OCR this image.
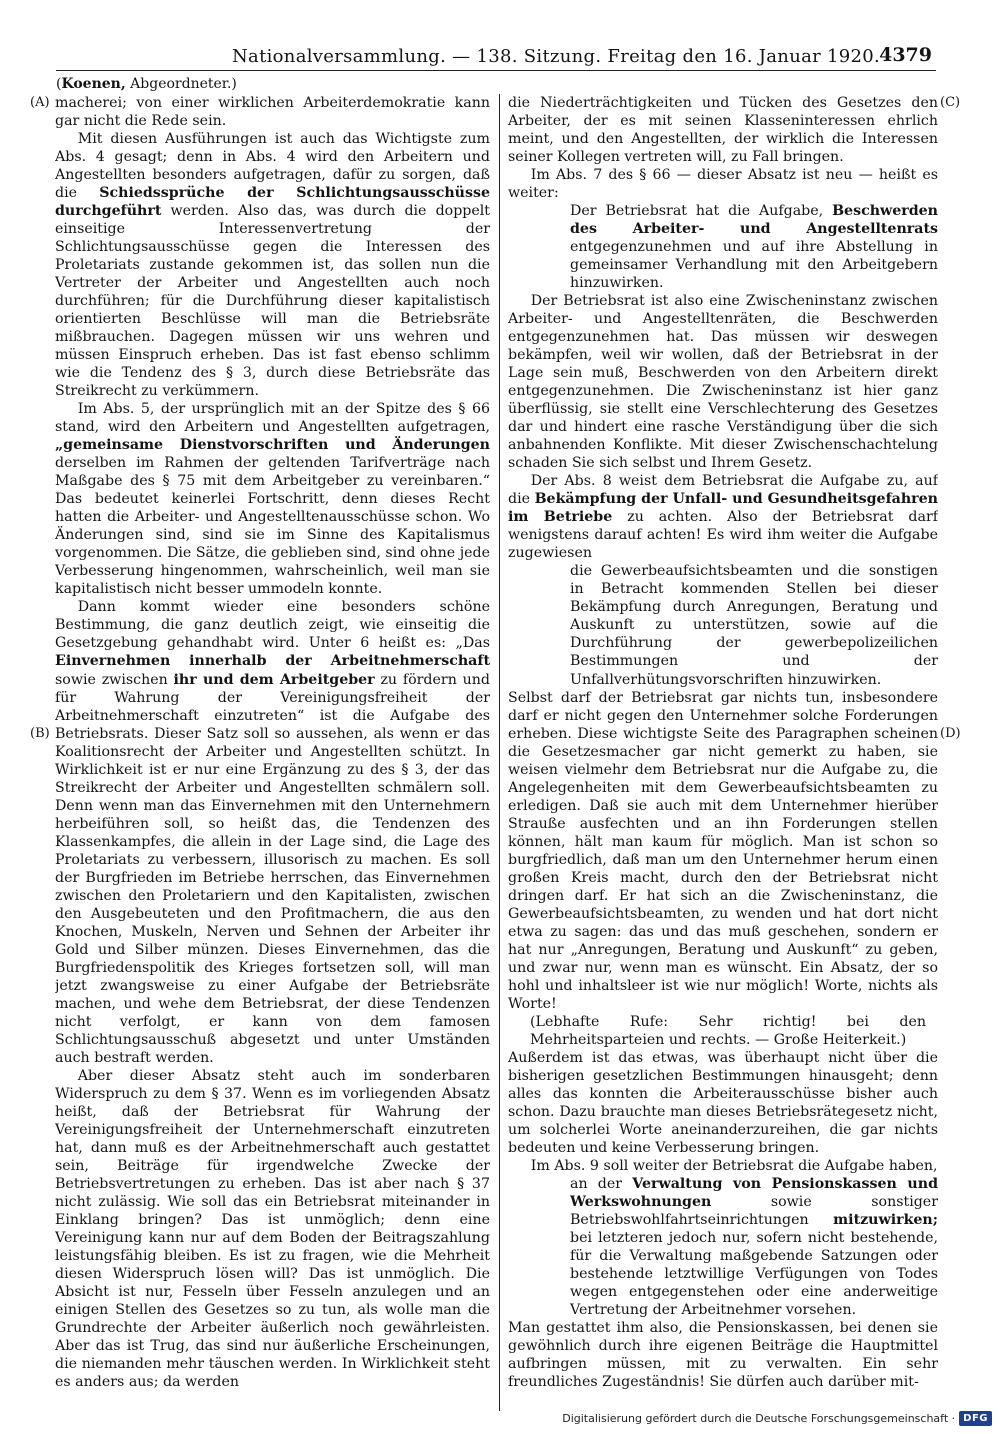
Nationalversammlung. — 138. Sitzung. Freitag den 16. Januar 1920. 4379
(Koenen, Abgeordneter.)
(A)
(B)
(C)
(D)

macherei; von einer wirklichen Arbeiterdemokratie kann gar nicht die Rede sein.

Mit diesen Ausführungen ist auch das Wichtigste zum Abs. 4 gesagt; denn in Abs. 4 wird den Arbeitern und Angestellten besonders aufgetragen, dafür zu sorgen, daß die Schiedssprüche der Schlichtungsausschüsse durchgeführt werden. Also das, was durch die doppelt einseitige Interessenvertretung der Schlichtungsausschüsse gegen die Interessen des Proletariats zustande gekommen ist, das sollen nun die Vertreter der Arbeiter und Angestellten auch noch durchführen; für die Durchführung dieser kapitalistisch orientierten Beschlüsse will man die Betriebsräte mißbrauchen. Dagegen müssen wir uns wehren und müssen Einspruch erheben. Das ist fast ebenso schlimm wie die Tendenz des § 3, durch diese Betriebsräte das Streikrecht zu verkümmern.

Im Abs. 5, der ursprünglich mit an der Spitze des § 66 stand, wird den Arbeitern und Angestellten aufgetragen, „gemeinsame Dienstvorschriften und Änderungen derselben im Rahmen der geltenden Tarifverträge nach Maßgabe des § 75 mit dem Arbeitgeber zu vereinbaren.“ Das bedeutet keinerlei Fortschritt, denn dieses Recht hatten die Arbeiter- und Angestelltenausschüsse schon. Wo Änderungen sind, sind sie im Sinne des Kapitalismus vorgenommen. Die Sätze, die geblieben sind, sind ohne jede Verbesserung hingenommen, wahrscheinlich, weil man sie kapitalistisch nicht besser ummodeln konnte.

Dann kommt wieder eine besonders schöne Bestimmung, die ganz deutlich zeigt, wie einseitig die Gesetzgebung gehandhabt wird. Unter 6 heißt es: „Das Einvernehmen innerhalb der Arbeitnehmerschaft sowie zwischen ihr und dem Arbeitgeber zu fördern und für Wahrung der Vereinigungsfreiheit der Arbeitnehmerschaft einzutreten“ ist die Aufgabe des Betriebsrats. Dieser Satz soll so aussehen, als wenn er das Koalitionsrecht der Arbeiter und Angestellten schützt. In Wirklichkeit ist er nur eine Ergänzung zu des § 3, der das Streikrecht der Arbeiter und Angestellten schmälern soll. Denn wenn man das Einvernehmen mit den Unternehmern herbeiführen soll, so heißt das, die Tendenzen des Klassenkampfes, die allein in der Lage sind, die Lage des Proletariats zu verbessern, illusorisch zu machen. Es soll der Burgfrieden im Betriebe herrschen, das Einvernehmen zwischen den Proletariern und den Kapitalisten, zwischen den Ausgebeuteten und den Profitmachern, die aus den Knochen, Muskeln, Nerven und Sehnen der Arbeiter ihr Gold und Silber münzen. Dieses Einvernehmen, das die Burgfriedenspolitik des Krieges fortsetzen soll, will man jetzt zwangsweise zu einer Aufgabe der Betriebsräte machen, und wehe dem Betriebsrat, der diese Tendenzen nicht verfolgt, er kann von dem famosen Schlichtungsausschuß abgesetzt und unter Umständen auch bestraft werden.

Aber dieser Absatz steht auch im sonderbaren Widerspruch zu dem § 37. Wenn es im vorliegenden Absatz heißt, daß der Betriebsrat für Wahrung der Vereinigungsfreiheit der Unternehmerschaft einzutreten hat, dann muß es der Arbeitnehmerschaft auch gestattet sein, Beiträge für irgendwelche Zwecke der Betriebsvertretungen zu erheben. Das ist aber nach § 37 nicht zulässig. Wie soll das ein Betriebsrat miteinander in Einklang bringen? Das ist unmöglich; denn eine Vereinigung kann nur auf dem Boden der Beitragszahlung leistungsfähig bleiben. Es ist zu fragen, wie die Mehrheit diesen Widerspruch lösen will? Das ist unmöglich. Die Absicht ist nur, Fesseln über Fesseln anzulegen und an einigen Stellen des Gesetzes so zu tun, als wolle man die Grundrechte der Arbeiter äußerlich noch gewährleisten. Aber das ist Trug, das sind nur äußerliche Erscheinungen, die niemanden mehr täuschen werden. In Wirklichkeit steht es anders aus; da werden

die Niederträchtigkeiten und Tücken des Gesetzes den Arbeiter, der es mit seinen Klasseninteressen ehrlich meint, und den Angestellten, der wirklich die Interessen seiner Kollegen vertreten will, zu Fall bringen.

Im Abs. 7 des § 66 — dieser Absatz ist neu — heißt es weiter:

Der Betriebsrat hat die Aufgabe, Beschwerden des Arbeiter- und Angestelltenrats entgegenzunehmen und auf ihre Abstellung in gemeinsamer Verhandlung mit den Arbeitgebern hinzuwirken.

Der Betriebsrat ist also eine Zwischeninstanz zwischen Arbeiter- und Angestelltenräten, die Beschwerden entgegenzunehmen hat. Das müssen wir deswegen bekämpfen, weil wir wollen, daß der Betriebsrat in der Lage sein muß, Beschwerden von den Arbeitern direkt entgegenzunehmen. Die Zwischeninstanz ist hier ganz überflüssig, sie stellt eine Verschlechterung des Gesetzes dar und hindert eine rasche Verständigung über die sich anbahnenden Konflikte. Mit dieser Zwischenschachtelung schaden Sie sich selbst und Ihrem Gesetz.

Der Abs. 8 weist dem Betriebsrat die Aufgabe zu, auf die Bekämpfung der Unfall- und Gesundheitsgefahren im Betriebe zu achten. Also der Betriebsrat darf wenigstens darauf achten! Es wird ihm weiter die Aufgabe zugewiesen

die Gewerbeaufsichtsbeamten und die sonstigen in Betracht kommenden Stellen bei dieser Bekämpfung durch Anregungen, Beratung und Auskunft zu unterstützen, sowie auf die Durchführung der gewerbepolizeilichen Bestimmungen und der Unfallverhütungsvorschriften hinzuwirken.

Selbst darf der Betriebsrat gar nichts tun, insbesondere darf er nicht gegen den Unternehmer solche Forderungen erheben. Diese wichtigste Seite des Paragraphen scheinen die Gesetzesmacher gar nicht gemerkt zu haben, sie weisen vielmehr dem Betriebsrat nur die Aufgabe zu, die Angelegenheiten mit dem Gewerbeaufsichtsbeamten zu erledigen. Daß sie auch mit dem Unternehmer hierüber Strauße ausfechten und an ihn Forderungen stellen können, hält man kaum für möglich. Man ist schon so burgfriedlich, daß man um den Unternehmer herum einen großen Kreis macht, durch den der Betriebsrat nicht dringen darf. Er hat sich an die Zwischeninstanz, die Gewerbeaufsichtsbeamten, zu wenden und hat dort nicht etwa zu sagen: das und das muß geschehen, sondern er hat nur „Anregungen, Beratung und Auskunft“ zu geben, und zwar nur, wenn man es wünscht. Ein Absatz, der so hohl und inhaltsleer ist wie nur möglich! Worte, nichts als Worte!

(Lebhafte Rufe: Sehr richtig! bei den Mehrheitsparteien und rechts. — Große Heiterkeit.)

Außerdem ist das etwas, was überhaupt nicht über die bisherigen gesetzlichen Bestimmungen hinausgeht; denn alles das konnten die Arbeiterausschüsse bisher auch schon. Dazu brauchte man dieses Betriebsrätegesetz nicht, um solcherlei Worte aneinanderzureihen, die gar nichts bedeuten und keine Verbesserung bringen.

Im Abs. 9 soll weiter der Betriebsrat die Aufgabe haben,

an der Verwaltung von Pensionskassen und Werkswohnungen sowie sonstiger Betriebswohlfahrtseinrichtungen mitzuwirken; bei letzteren jedoch nur, sofern nicht bestehende, für die Verwaltung maßgebende Satzungen oder bestehende letztwillige Verfügungen von Todes wegen entgegenstehen oder eine anderweitige Vertretung der Arbeitnehmer vorsehen.

Man gestattet ihm also, die Pensionskassen, bei denen sie gewöhnlich durch ihre eigenen Beiträge die Hauptmittel aufbringen müssen, mit zu verwalten. Ein sehr freundliches Zugeständnis! Sie dürfen auch darüber mit-

Digitalisierung gefördert durch die Deutsche Forschungsgemeinschaft · DFG
